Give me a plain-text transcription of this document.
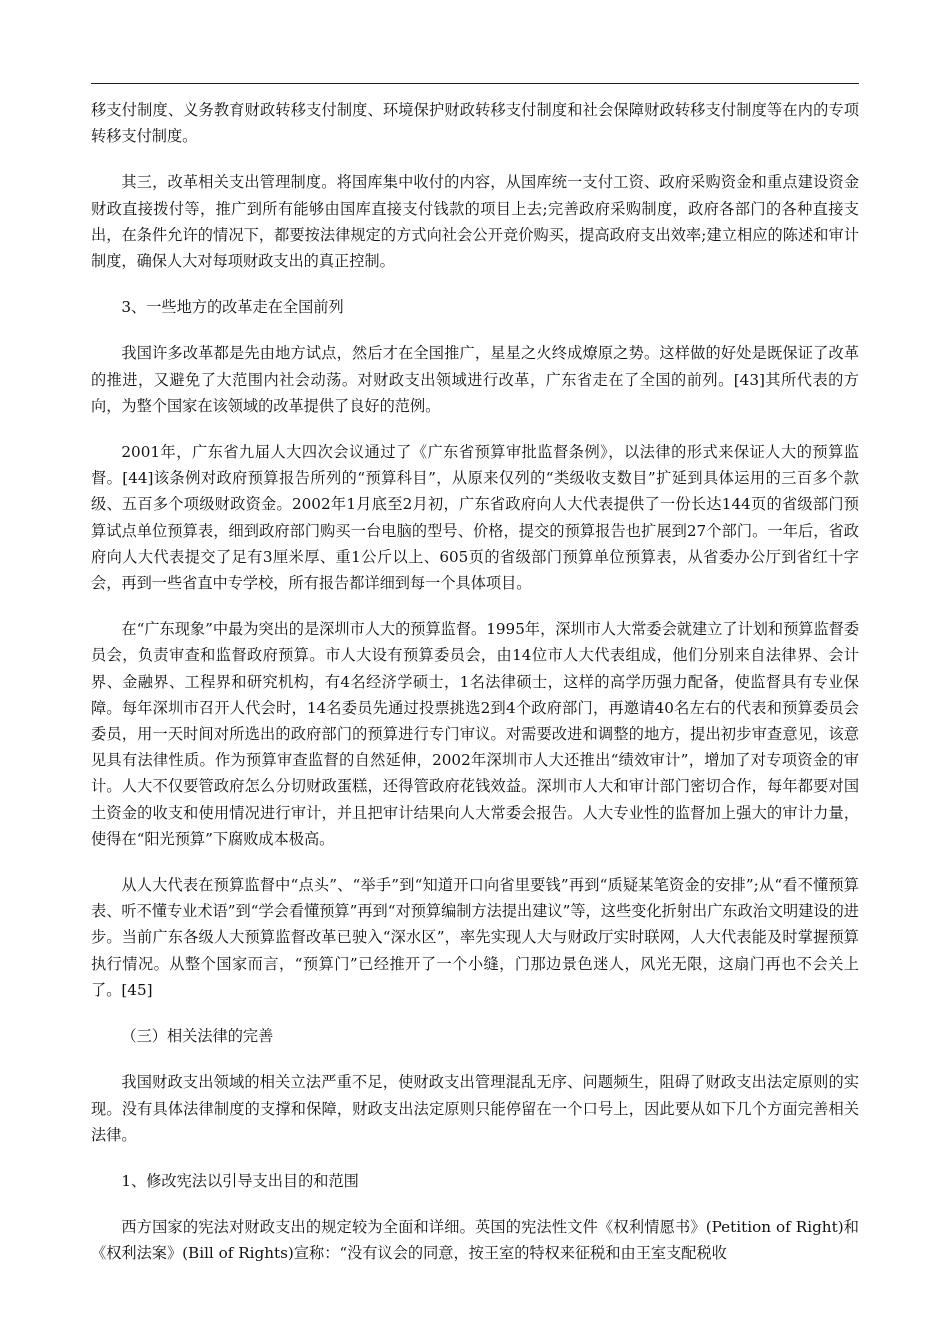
移支付制度、义务教育财政转移支付制度、环境保护财政转移支付制度和社会保障财政转移支付制度等在内的专项转移支付制度。

其三，改革相关支出管理制度。将国库集中收付的内容，从国库统一支付工资、政府采购资金和重点建设资金财政直接拨付等，推广到所有能够由国库直接支付钱款的项目上去;完善政府采购制度，政府各部门的各种直接支出，在条件允许的情况下，都要按法律规定的方式向社会公开竞价购买，提高政府支出效率;建立相应的陈述和审计制度，确保人大对每项财政支出的真正控制。

3、一些地方的改革走在全国前列

我国许多改革都是先由地方试点，然后才在全国推广，星星之火终成燎原之势。这样做的好处是既保证了改革的推进，又避免了大范围内社会动荡。对财政支出领域进行改革，广东省走在了全国的前列。[43]其所代表的方向，为整个国家在该领域的改革提供了良好的范例。

2001年，广东省九届人大四次会议通过了《广东省预算审批监督条例》，以法律的形式来保证人大的预算监督。[44]该条例对政府预算报告所列的“预算科目”，从原来仅列的“类级收支数目”扩延到具体运用的三百多个款级、五百多个项级财政资金。2002年1月底至2月初，广东省政府向人大代表提供了一份长达144页的省级部门预算试点单位预算表，细到政府部门购买一台电脑的型号、价格，提交的预算报告也扩展到27个部门。一年后，省政府向人大代表提交了足有3厘米厚、重1公斤以上、605页的省级部门预算单位预算表，从省委办公厅到省红十字会，再到一些省直中专学校，所有报告都详细到每一个具体项目。

在“广东现象”中最为突出的是深圳市人大的预算监督。1995年，深圳市人大常委会就建立了计划和预算监督委员会，负责审查和监督政府预算。市人大设有预算委员会，由14位市人大代表组成，他们分别来自法律界、会计界、金融界、工程界和研究机构，有4名经济学硕士，1名法律硕士，这样的高学历强力配备，使监督具有专业保障。每年深圳市召开人代会时，14名委员先通过投票挑选2到4个政府部门，再邀请40名左右的代表和预算委员会委员，用一天时间对所选出的政府部门的预算进行专门审议。对需要改进和调整的地方，提出初步审查意见，该意见具有法律性质。作为预算审查监督的自然延伸，2002年深圳市人大还推出“绩效审计”，增加了对专项资金的审计。人大不仅要管政府怎么分切财政蛋糕，还得管政府花钱效益。深圳市人大和审计部门密切合作，每年都要对国土资金的收支和使用情况进行审计，并且把审计结果向人大常委会报告。人大专业性的监督加上强大的审计力量，使得在“阳光预算”下腐败成本极高。

从人大代表在预算监督中“点头”、“举手”到“知道开口向省里要钱”再到“质疑某笔资金的安排”;从“看不懂预算表、听不懂专业术语”到“学会看懂预算”再到“对预算编制方法提出建议”等，这些变化折射出广东政治文明建设的进步。当前广东各级人大预算监督改革已驶入“深水区”，率先实现人大与财政厅实时联网，人大代表能及时掌握预算执行情况。从整个国家而言，“预算门”已经推开了一个小缝，门那边景色迷人，风光无限，这扇门再也不会关上了。[45]

（三）相关法律的完善

我国财政支出领域的相关立法严重不足，使财政支出管理混乱无序、问题频生，阻碍了财政支出法定原则的实现。没有具体法律制度的支撑和保障，财政支出法定原则只能停留在一个口号上，因此要从如下几个方面完善相关法律。

1、修改宪法以引导支出目的和范围

西方国家的宪法对财政支出的规定较为全面和详细。英国的宪法性文件《权利情愿书》(Petition of Right)和《权利法案》(Bill of Rights)宣称：“没有议会的同意，按王室的特权来征税和由王室支配税收
